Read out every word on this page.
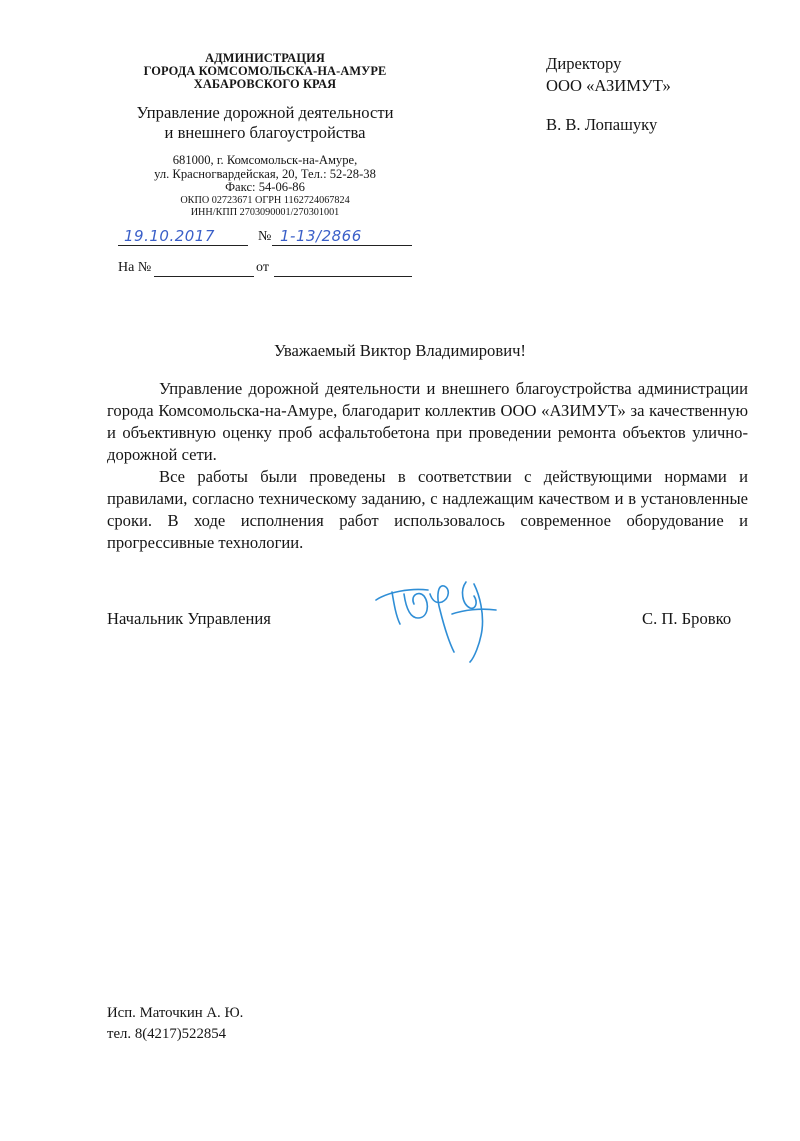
АДМИНИСТРАЦИЯ
ГОРОДА КОМСОМОЛЬСКА-НА-АМУРЕ
ХАБАРОВСКОГО КРАЯ
Управление дорожной деятельности
и внешнего благоустройства
681000, г. Комсомольск-на-Амуре,
ул. Красногвардейская, 20, Тел.: 52-28-38
Факс: 54-06-86
ОКПО 02723671 ОГРН 1162724067824
ИНН/КПП 2703090001/270301001
19.10.2017	№ 1-13/2866
На №	от
Директору
ООО «АЗИМУТ»
В. В. Лопашуку
Уважаемый Виктор Владимирович!

Управление дорожной деятельности и внешнего благоустройства администрации города Комсомольска-на-Амуре, благодарит коллектив ООО «АЗИМУТ» за качественную и объективную оценку проб асфальтобетона при проведении ремонта объектов улично-дорожной сети.

Все работы были проведены в соответствии с действующими нормами и правилами, согласно техническому заданию, с надлежащим качеством и в установленные сроки. В ходе исполнения работ использовалось современное оборудование и прогрессивные технологии.

Начальник Управления	С. П. Бровко
Исп. Маточкин А. Ю.
тел. 8(4217)522854
